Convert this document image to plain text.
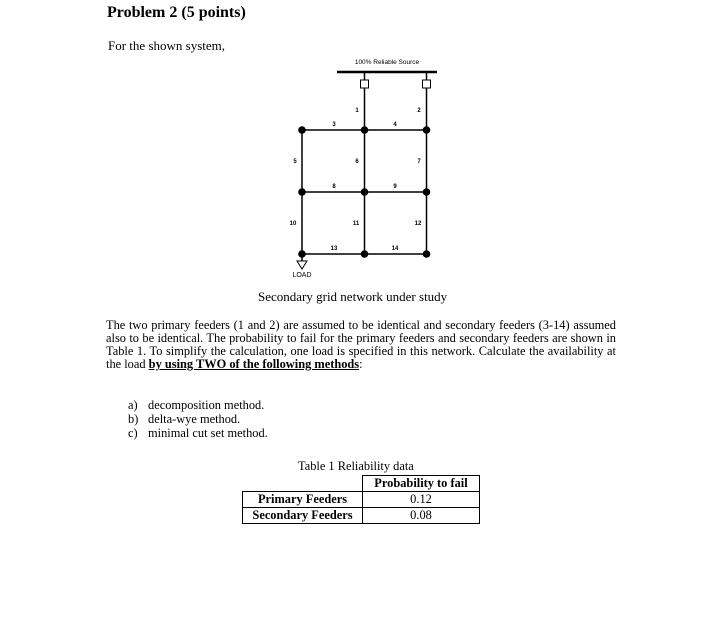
Problem 2 (5 points)
For the shown system,
100% Reliable Source
1	2
3	4
5	6	7
8	9
10	11	12
13	14
LOAD
Secondary grid network under study
The two primary feeders (1 and 2) are assumed to be identical and secondary feeders (3-14) assumed also to be identical. The probability to fail for the primary feeders and secondary feeders are shown in Table 1. To simplify the calculation, one load is specified in this network. Calculate the availability at the load by using TWO of the following methods:
a) decomposition method.
b) delta-wye method.
c) minimal cut set method.
Table 1 Reliability data
	Probability to fail
Primary Feeders	0.12
Secondary Feeders	0.08
